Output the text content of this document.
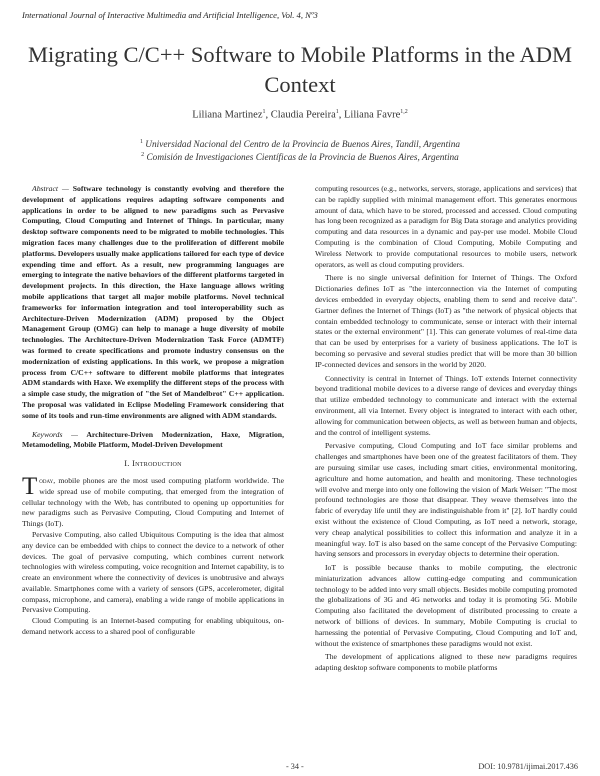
International Journal of Interactive Multimedia and Artificial Intelligence, Vol. 4, Nº3
Migrating C/C++ Software to Mobile Platforms in the ADM Context
Liliana Martinez$^1$, Claudia Pereira$^1$, Liliana Favre$^{1,2}$
$^1$ Universidad Nacional del Centro de la Provincia de Buenos Aires, Tandil, Argentina
$^2$ Comisión de Investigaciones Científicas de la Provincia de Buenos Aires, Argentina

Abstract — Software technology is constantly evolving and therefore the development of applications requires adapting software components and applications in order to be aligned to new paradigms such as Pervasive Computing, Cloud Computing and Internet of Things. In particular, many desktop software components need to be migrated to mobile technologies. This migration faces many challenges due to the proliferation of different mobile platforms. Developers usually make applications tailored for each type of device expending time and effort. As a result, new programming languages are emerging to integrate the native behaviors of the different platforms targeted in development projects. In this direction, the Haxe language allows writing mobile applications that target all major mobile platforms. Novel technical frameworks for information integration and tool interoperability such as Architecture-Driven Modernization (ADM) proposed by the Object Management Group (OMG) can help to manage a huge diversity of mobile technologies. The Architecture-Driven Modernization Task Force (ADMTF) was formed to create specifications and promote industry consensus on the modernization of existing applications. In this work, we propose a migration process from C/C++ software to different mobile platforms that integrates ADM standards with Haxe. We exemplify the different steps of the process with a simple case study, the migration of "the Set of Mandelbrot" C++ application. The proposal was validated in Eclipse Modeling Framework considering that some of its tools and run-time environments are aligned with ADM standards.

Keywords — Architecture-Driven Modernization, Haxe, Migration, Metamodeling, Mobile Platform, Model-Driven Development

I. Introduction

Today, mobile phones are the most used computing platform worldwide. The wide spread use of mobile computing, that emerged from the integration of cellular technology with the Web, has contributed to opening up opportunities for new paradigms such as Pervasive Computing, Cloud Computing and Internet of Things (IoT).

Pervasive Computing, also called Ubiquitous Computing is the idea that almost any device can be embedded with chips to connect the device to a network of other devices. The goal of pervasive computing, which combines current network technologies with wireless computing, voice recognition and Internet capability, is to create an environment where the connectivity of devices is unobtrusive and always available. Smartphones come with a variety of sensors (GPS, accelerometer, digital compass, microphone, and camera), enabling a wide range of mobile applications in Pervasive Computing.

Cloud Computing is an Internet-based computing for enabling ubiquitous, on-demand network access to a shared pool of configurable

computing resources (e.g., networks, servers, storage, applications and services) that can be rapidly supplied with minimal management effort. This generates enormous amount of data, which have to be stored, processed and accessed. Cloud computing has long been recognized as a paradigm for Big Data storage and analytics providing computing and data resources in a dynamic and pay-per use model. Mobile Cloud Computing is the combination of Cloud Computing, Mobile Computing and Wireless Network to provide computational resources to mobile users, network operators, as well as cloud computing providers.

There is no single universal definition for Internet of Things. The Oxford Dictionaries defines IoT as "the interconnection via the Internet of computing devices embedded in everyday objects, enabling them to send and receive data". Gartner defines the Internet of Things (IoT) as "the network of physical objects that contain embedded technology to communicate, sense or interact with their internal states or the external environment" [1]. This can generate volumes of real-time data that can be used by enterprises for a variety of business applications. The IoT is becoming so pervasive and several studies predict that will be more than 30 billion IP-connected devices and sensors in the world by 2020.

Connectivity is central in Internet of Things. IoT extends Internet connectivity beyond traditional mobile devices to a diverse range of devices and everyday things that utilize embedded technology to communicate and interact with the external environment, all via Internet. Every object is integrated to interact with each other, allowing for communication between objects, as well as between human and objects, and the control of intelligent systems.

Pervasive computing, Cloud Computing and IoT face similar problems and challenges and smartphones have been one of the greatest facilitators of them. They are pursuing similar use cases, including smart cities, environmental monitoring, agriculture and home automation, and health and monitoring. These technologies will evolve and merge into only one following the vision of Mark Weiser: "The most profound technologies are those that disappear. They weave themselves into the fabric of everyday life until they are indistinguishable from it" [2]. IoT hardly could exist without the existence of Cloud Computing, as IoT need a network, storage, very cheap analytical possibilities to collect this information and analyze it in a meaningful way. IoT is also based on the same concept of the Pervasive Computing: having sensors and processors in everyday objects to determine their operation.

IoT is possible because thanks to mobile computing, the electronic miniaturization advances allow cutting-edge computing and communication technology to be added into very small objects. Besides mobile computing promoted the globalizations of 3G and 4G networks and today it is promoting 5G. Mobile Computing also facilitated the development of distributed processing to create a network of billions of devices. In summary, Mobile Computing is crucial to harnessing the potential of Pervasive Computing, Cloud Computing and IoT and, without the existence of smartphones these paradigms would not exist.

The development of applications aligned to these new paradigms requires adapting desktop software components to mobile platforms

- 34 -	DOI: 10.9781/ijimai.2017.436
